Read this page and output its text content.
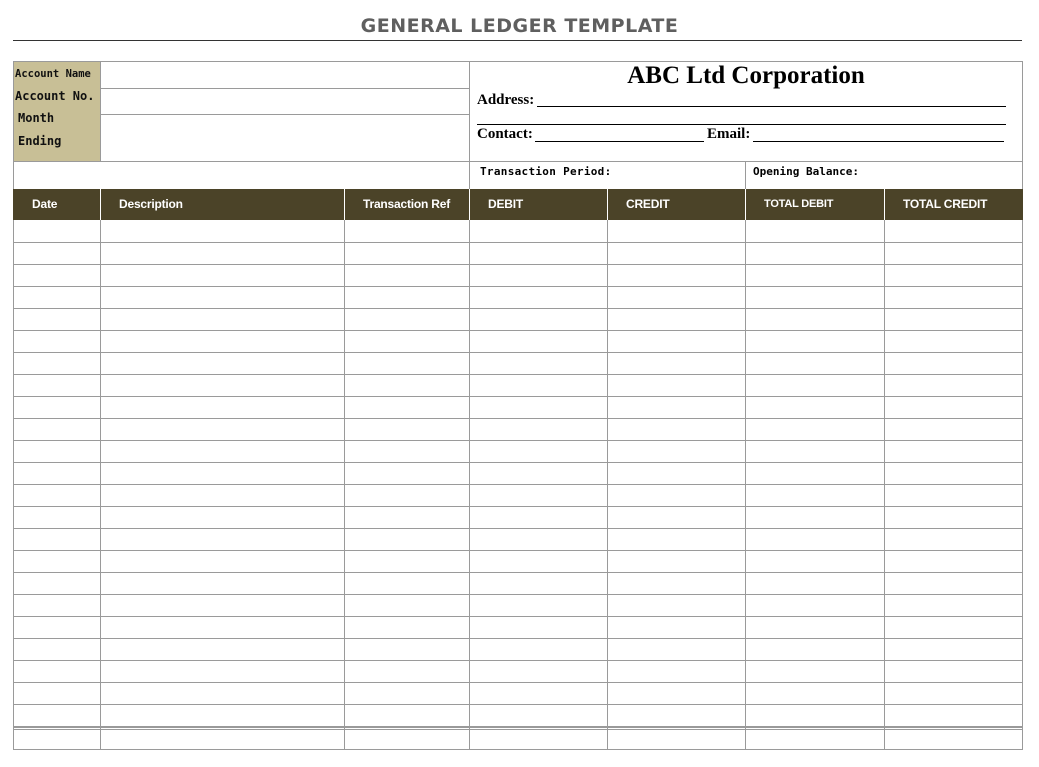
GENERAL LEDGER TEMPLATE
Account Name
Account No.
Month
Ending
ABC Ltd Corporation
Address:
Contact:	Email:
Transaction Period:	Opening Balance:
Date	Description	Transaction Ref	DEBIT	CREDIT	TOTAL DEBIT	TOTAL CREDIT
